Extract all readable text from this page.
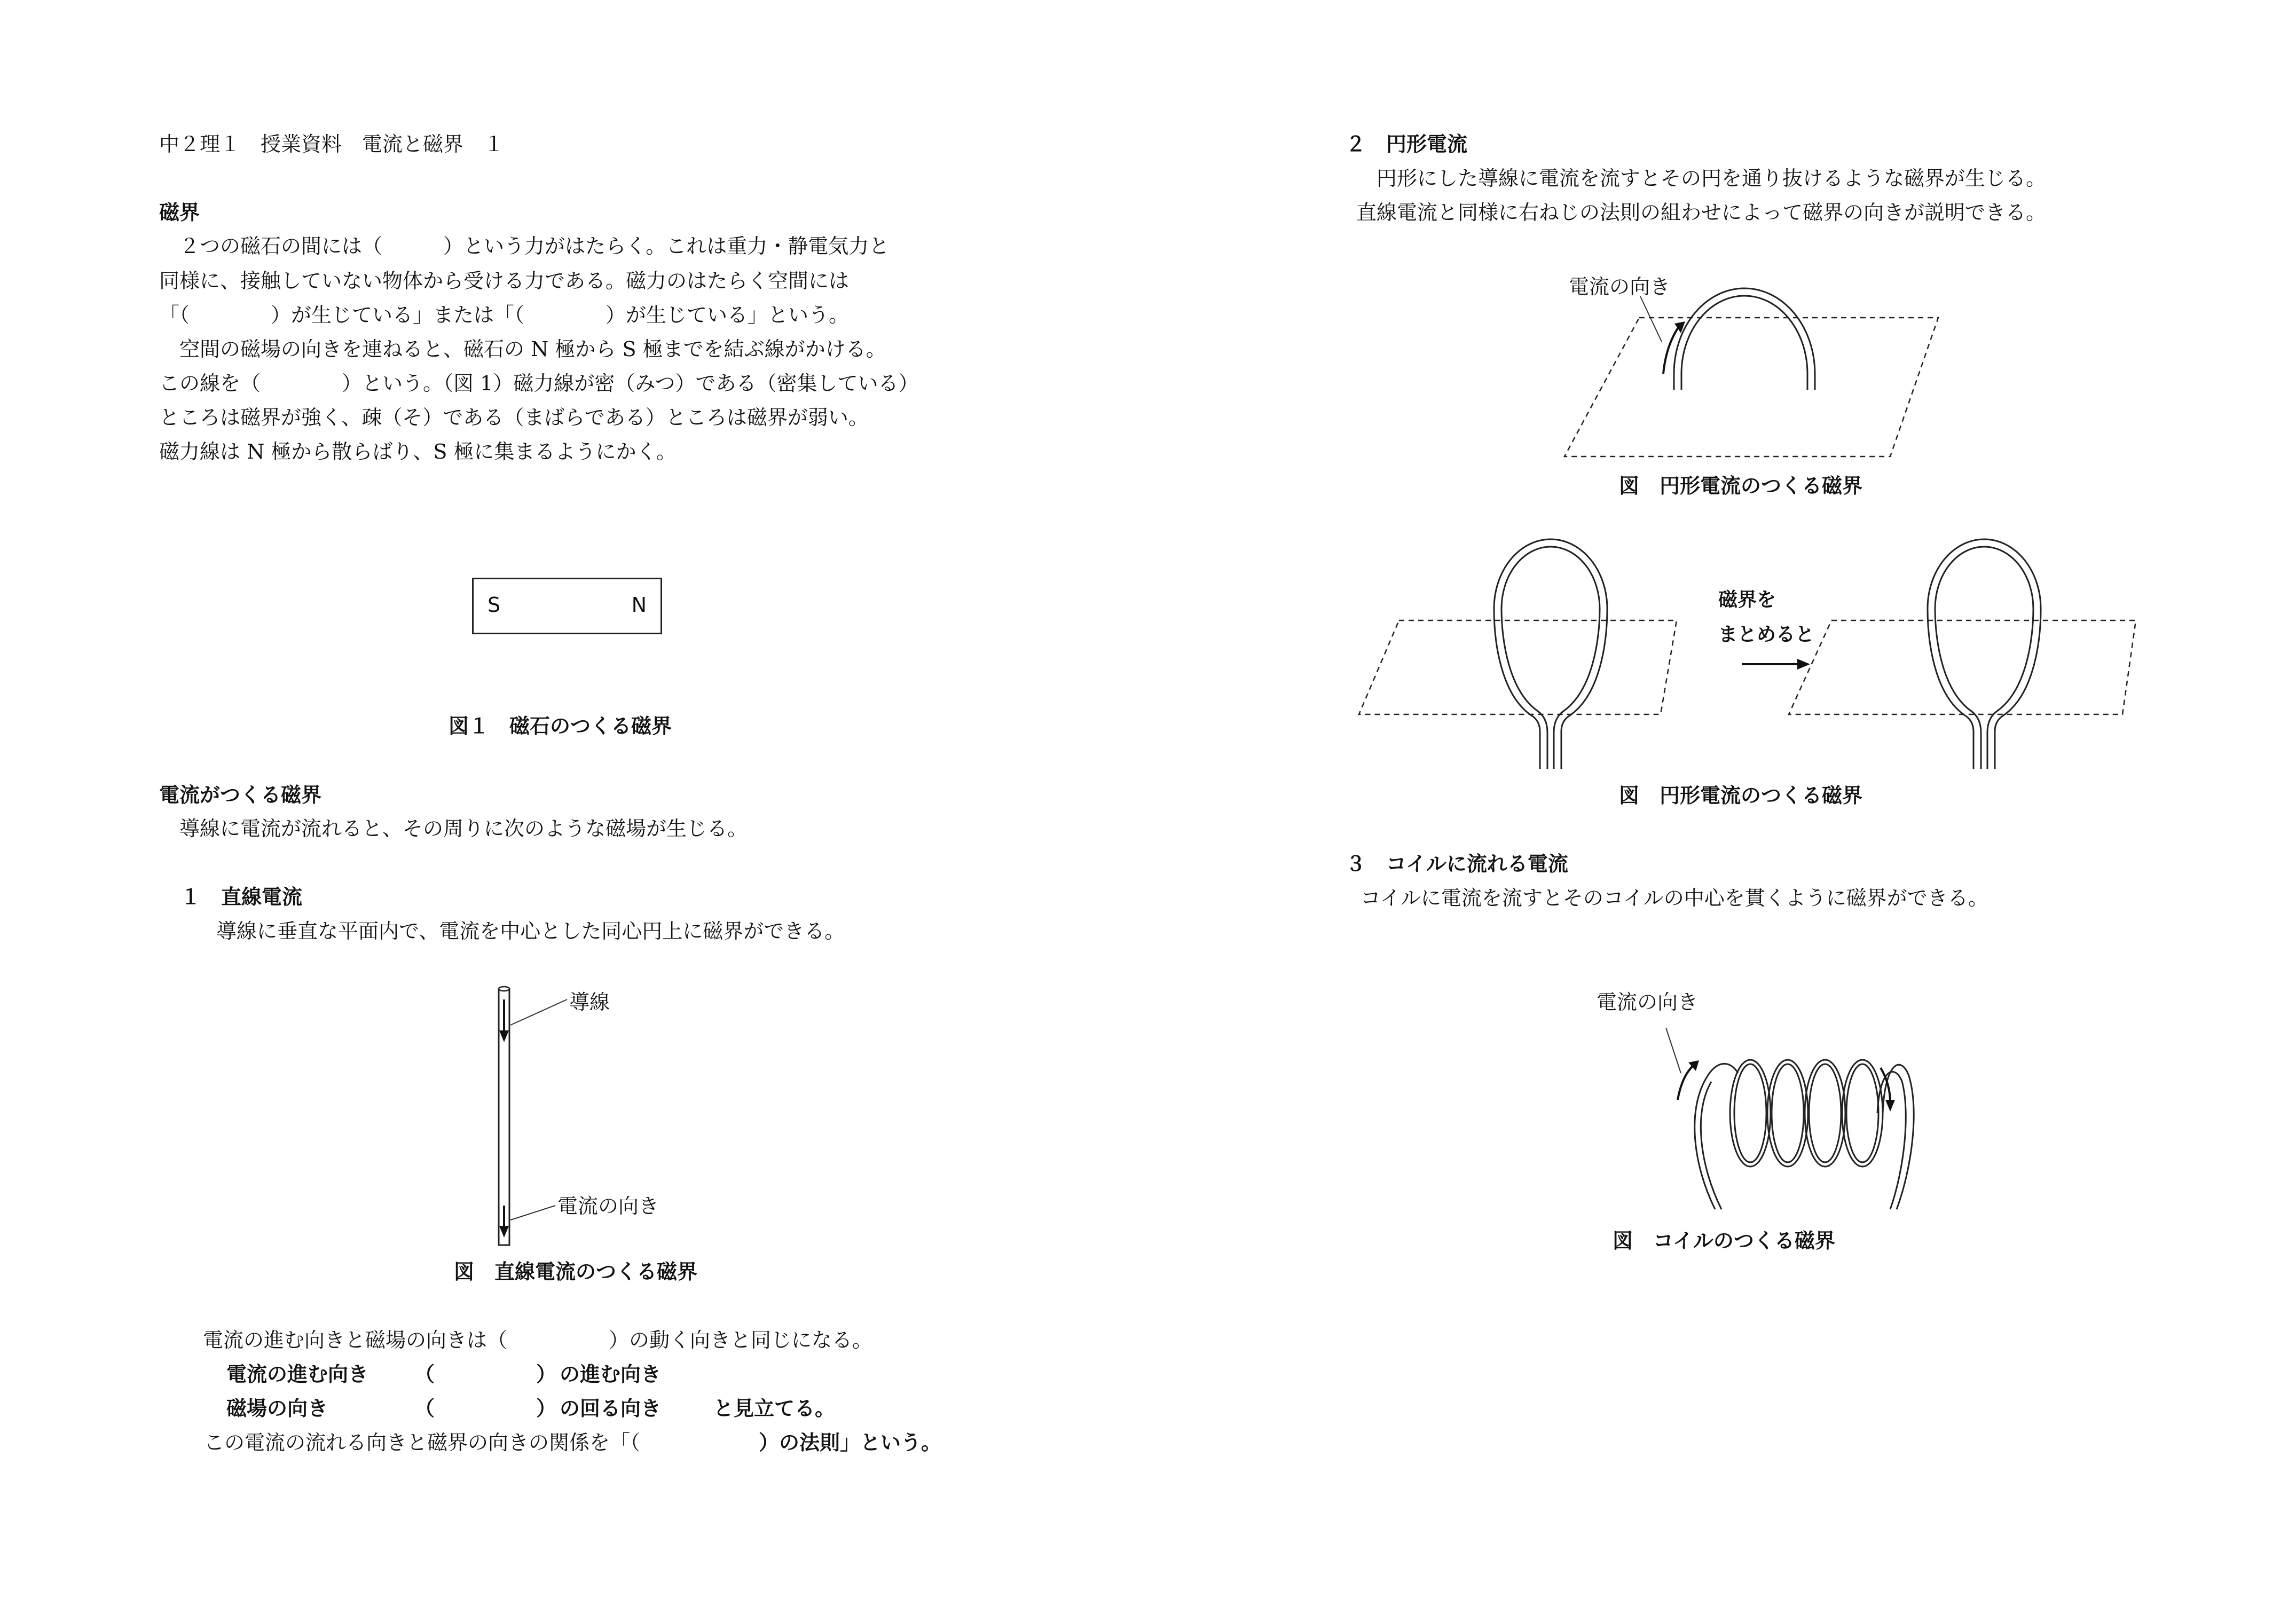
中２理１　授業資料　電流と磁界　１

磁界

　２つの磁石の間には（　　　）という力がはたらく。これは重力・静電気力と

同様に、接触していない物体から受ける力である。磁力のはたらく空間には

「（　　　　）が生じている」または「（　　　　）が生じている」という。

　空間の磁場の向きを連ねると、磁石の N 極から S 極までを結ぶ線がかける。

この線を（　　　　）という。（図 1）磁力線が密（みつ）である（密集している）

ところは磁界が強く、疎（そ）である（まばらである）ところは磁界が弱い。

磁力線は N 極から散らばり、S 極に集まるようにかく。

S	N

図１　磁石のつくる磁界

電流がつくる磁界

　導線に電流が流れると、その周りに次のような磁場が生じる。

１　直線電流

導線に垂直な平面内で、電流を中心とした同心円上に磁界ができる。

導線
電流の向き

図　直線電流のつくる磁界

電流の進む向きと磁場の向きは（　　　　　）の動く向きと同じになる。

電流の進む向き （　　　　　） の進む向き

磁場の向き	（　　　　　） の回る向き	と見立てる。

この電流の流れる向きと磁界の向きの関係を「（	）の法則」という。

２　円形電流

円形にした導線に電流を流すとその円を通り抜けるような磁界が生じる。

直線電流と同様に右ねじの法則の組わせによって磁界の向きが説明できる。

電流の向き

図　円形電流のつくる磁界

磁界を
まとめると

図　円形電流のつくる磁界

３　コイルに流れる電流

コイルに電流を流すとそのコイルの中心を貫くように磁界ができる。

電流の向き

図　コイルのつくる磁界
